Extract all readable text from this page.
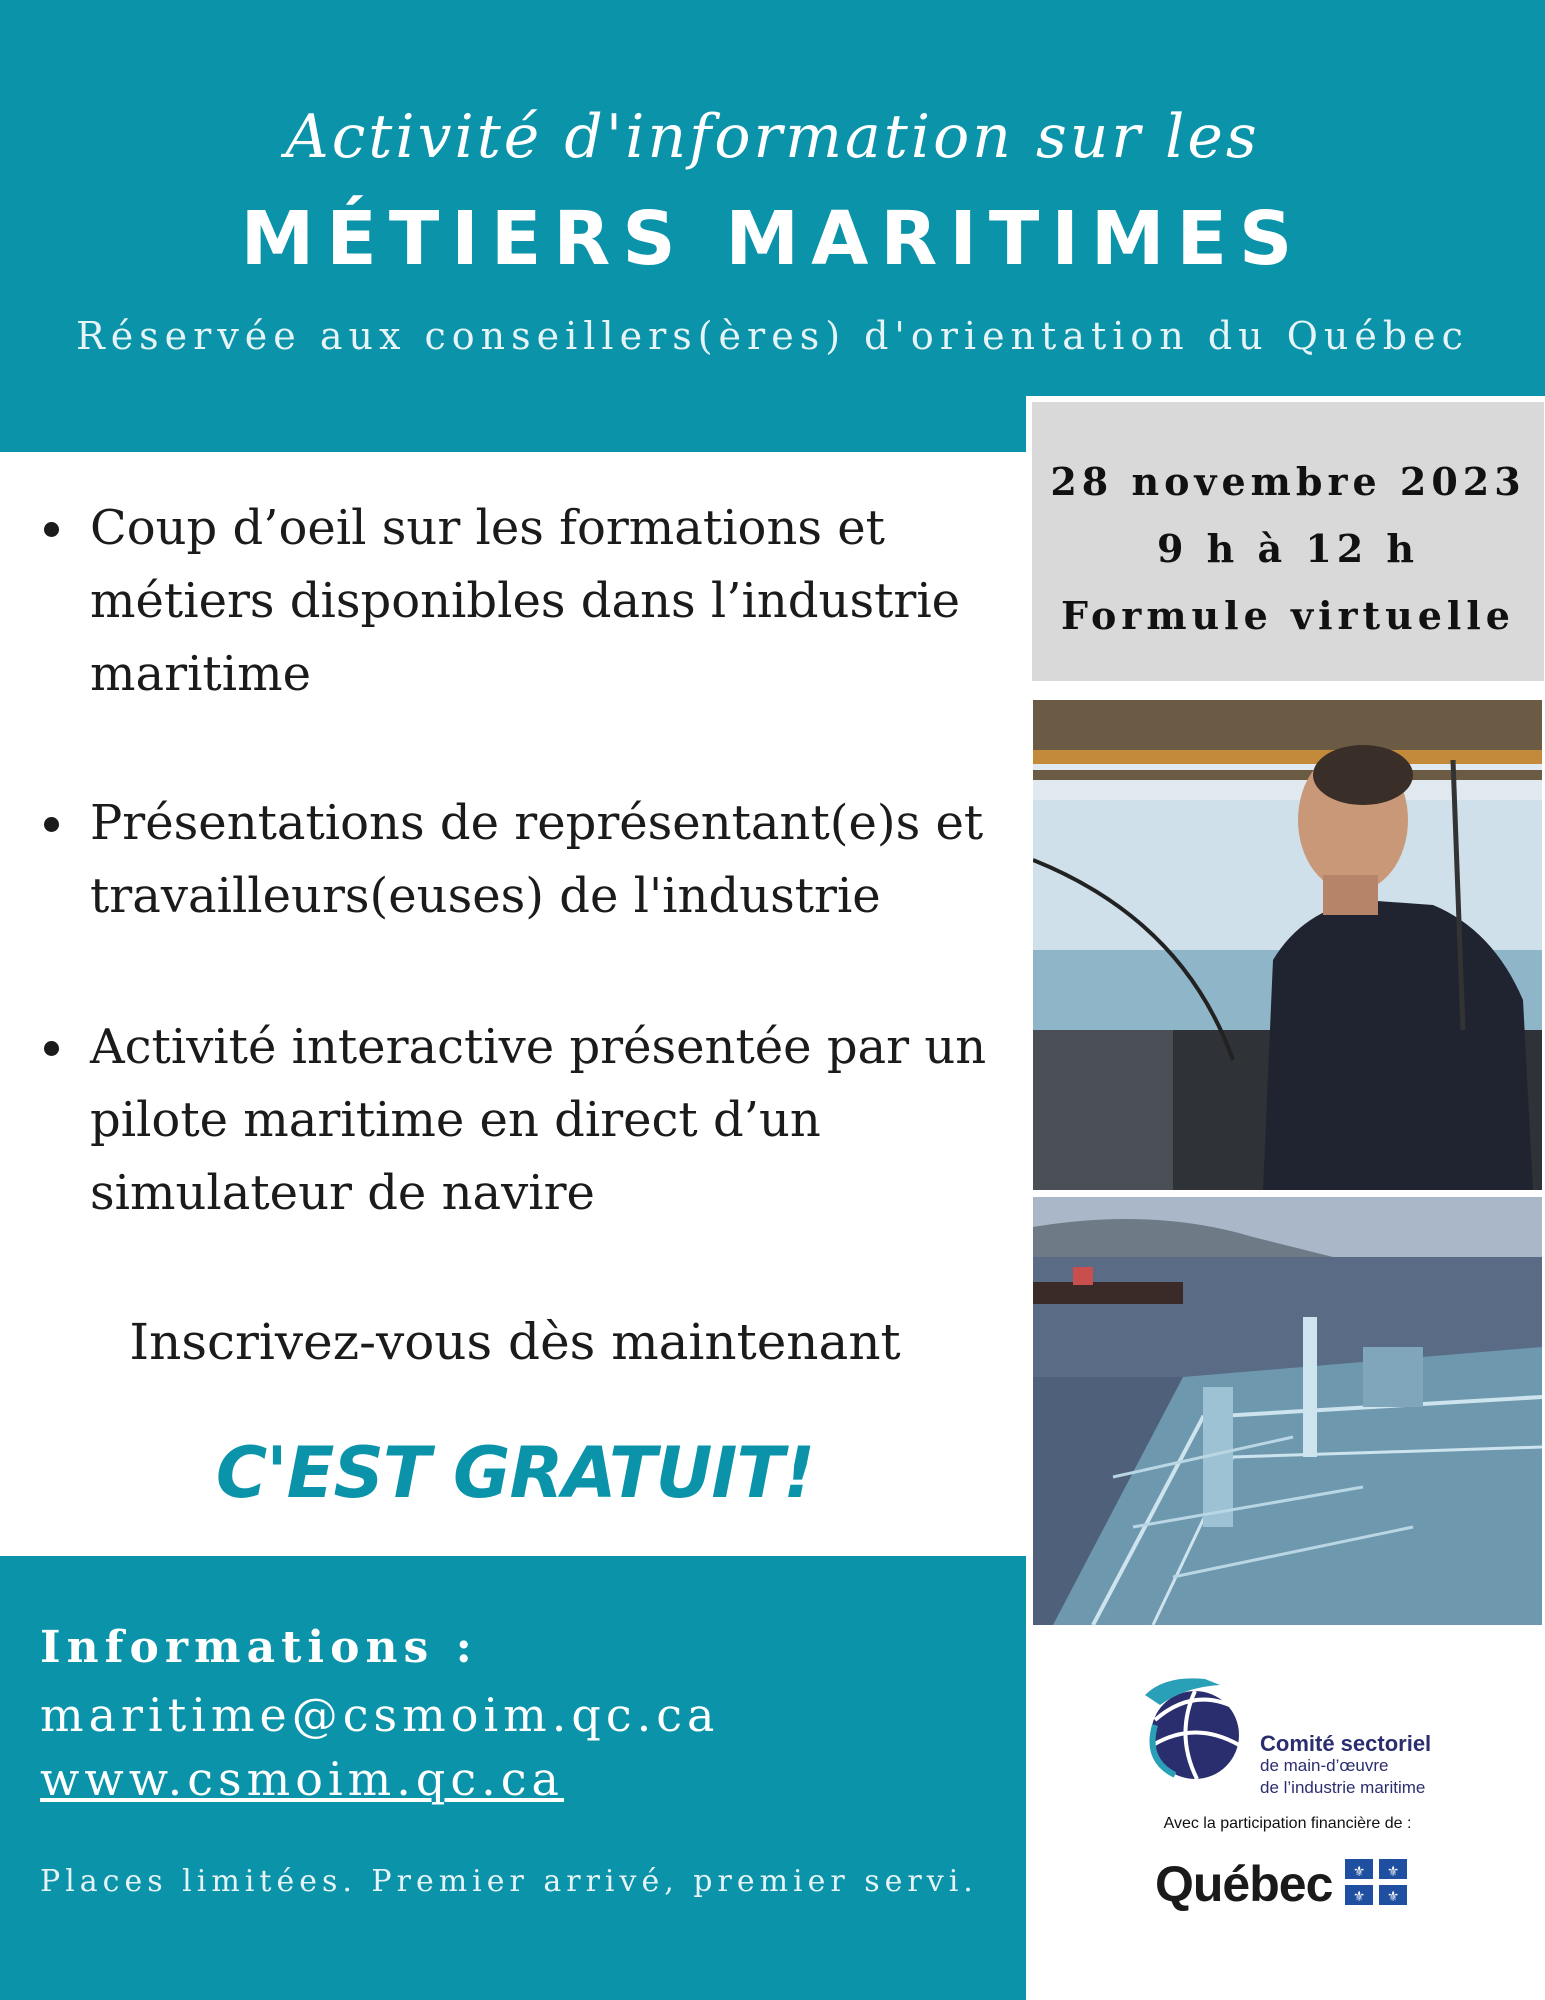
Activité d'information sur les
MÉTIERS MARITIMES
Réservée aux conseillers(ères) d'orientation du Québec
28 novembre 2023
9 h à 12 h
Formule virtuelle
Coup d’oeil sur les formations et métiers disponibles dans l’industrie maritime
Présentations de représentant(e)s et travailleurs(euses) de l'industrie
Activité interactive présentée par un pilote maritime en direct d’un simulateur de navire
Inscrivez-vous dès maintenant
C'EST GRATUIT!
Informations :
maritime@csmoim.qc.ca
www.csmoim.qc.ca
Places limitées. Premier arrivé, premier servi.
Comité sectoriel
de main-d’œuvre
de l’industrie maritime
Avec la participation financière de :
Québec ⚜ ⚜
⚜ ⚜
